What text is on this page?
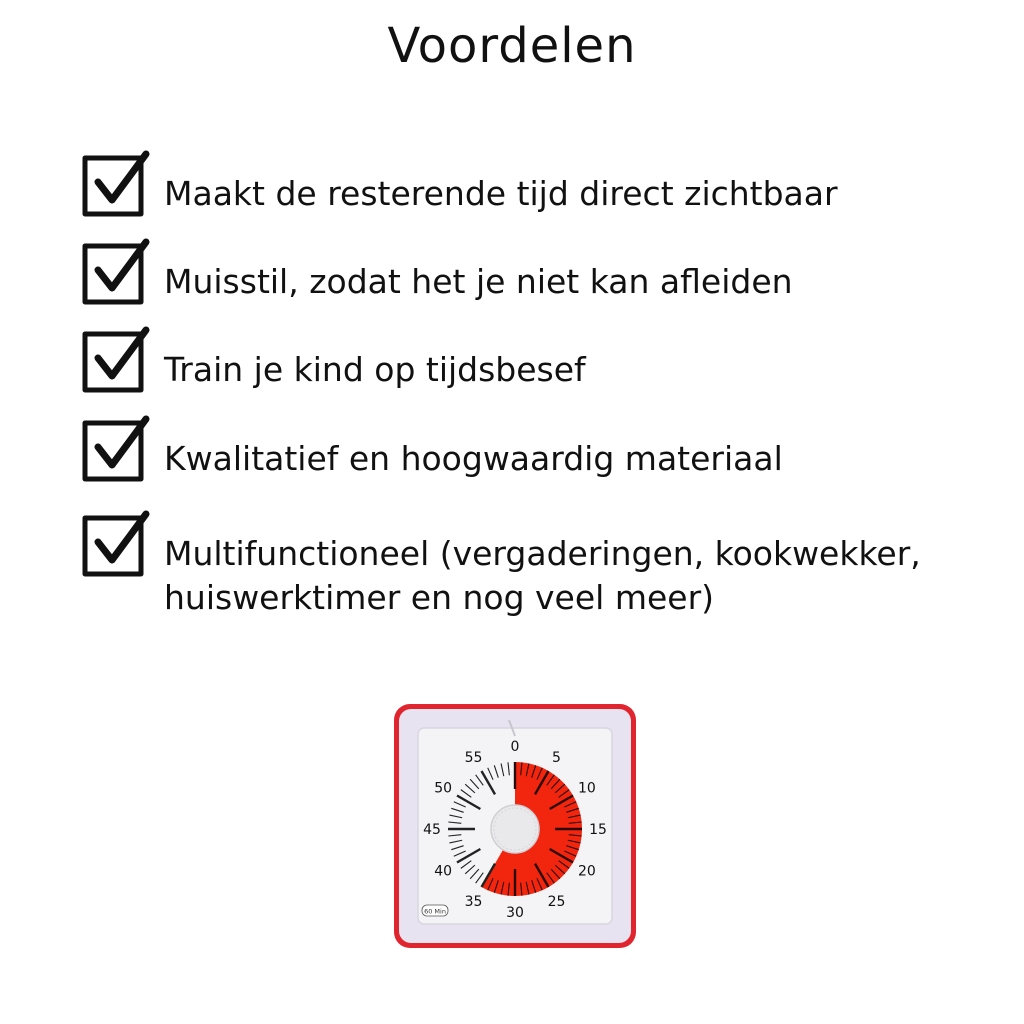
Voordelen
Maakt de resterende tijd direct zichtbaar
Muisstil, zodat het je niet kan afleiden
Train je kind op tijdsbesef
Kwalitatief en hoogwaardig materiaal
Multifunctioneel (vergaderingen, kookwekker,
huiswerktimer en nog veel meer)
0
5
10
15
20
25
30
35
40
45
50
55
60 Min
